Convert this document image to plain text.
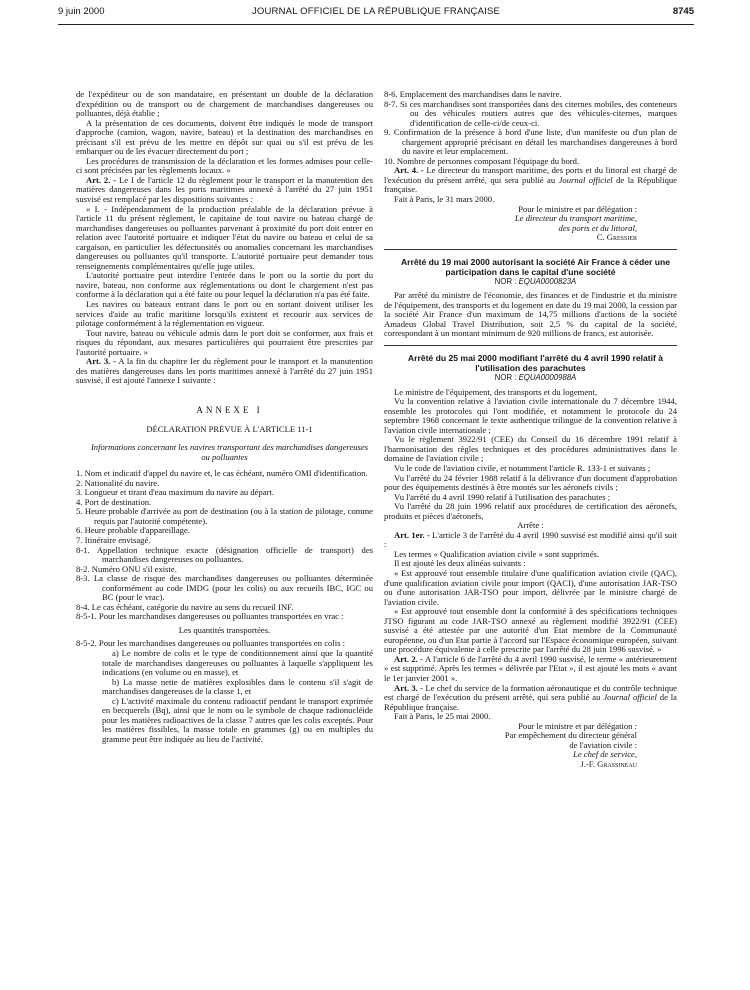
9 juin 2000	JOURNAL OFFICIEL DE LA RÉPUBLIQUE FRANÇAISE	8745

de l'expéditeur ou de son mandataire, en présentant un double de la déclaration d'expédition ou de transport ou de chargement de marchandises dangereuses ou polluantes, déjà établie ;

A la présentation de ces documents, doivent être indiqués le mode de transport d'approche (camion, wagon, navire, bateau) et la destination des marchandises en précisant s'il est prévu de les mettre en dépôt sur quai ou s'il est prévu de les embarquer ou de les évacuer directement du port ;

Les procédures de transmission de la déclaration et les formes admises pour celle-ci sont précisées par les règlements locaux. »

Art. 2. - Le I de l'article 12 du règlement pour le transport et la manutention des matières dangereuses dans les ports maritimes annexé à l'arrêté du 27 juin 1951 susvisé est remplacé par les dispositions suivantes :

« I. - Indépendamment de la production préalable de la déclaration prévue à l'article 11 du présent règlement, le capitaine de tout navire ou bateau chargé de marchandises dangereuses ou polluantes parvenant à proximité du port doit entrer en relation avec l'autorité portuaire et indiquer l'état du navire ou bateau et celui de sa cargaison, en particulier les défectuosités ou anomalies concernant les marchandises dangereuses ou polluantes qu'il transporte. L'autorité portuaire peut demander tous renseignements complémentaires qu'elle juge utiles.

L'autorité portuaire peut interdire l'entrée dans le port ou la sortie du port du navire, bateau, non conforme aux réglementations ou dont le chargement n'est pas conforme à la déclaration qui a été faite ou pour lequel la déclaration n'a pas été faite.

Les navires ou bateaux entrant dans le port ou en sortant doivent utiliser les services d'aide au trafic maritime lorsqu'ils existent et recourir aux services de pilotage conformément à la réglementation en vigueur.

Tout navire, bateau ou véhicule admis dans le port doit se conformer, aux frais et risques du répondant, aux mesures particulières qui pourraient être prescrites par l'autorité portuaire. »

Art. 3. - A la fin du chapitre Ier du règlement pour le transport et la manutention des matières dangereuses dans les ports maritimes annexé à l'arrêté du 27 juin 1951 susvisé, il est ajouté l'annexe I suivante :

ANNEXE I

DÉCLARATION PRÉVUE À L'ARTICLE 11-1

Informations concernant les navires transportant des marchandises dangereuses ou polluantes

1. Nom et indicatif d'appel du navire et, le cas échéant, numéro OMI d'identification.

2. Nationalité du navire.

3. Longueur et tirant d'eau maximum du navire au départ.

4. Port de destination.

5. Heure probable d'arrivée au port de destination (ou à la station de pilotage, comme requis par l'autorité compétente).

6. Heure probable d'appareillage.

7. Itinéraire envisagé.

8-1. Appellation technique exacte (désignation officielle de transport) des marchandises dangereuses ou polluantes.

8-2. Numéro ONU s'il existe.

8-3. La classe de risque des marchandises dangereuses ou polluantes déterminée conformément au code IMDG (pour les colis) ou aux recueils IBC, IGC ou BC (pour le vrac).

8-4. Le cas échéant, catégorie du navire au sens du recueil INF.

8-5-1. Pour les marchandises dangereuses ou polluantes transportées en vrac :

Les quantités transportées.

8-5-2. Pour les marchandises dangereuses ou polluantes transportées en colis :

a) Le nombre de colis et le type de conditionnement ainsi que la quantité totale de marchandises dangereuses ou polluantes à laquelle s'appliquent les indications (en volume ou en masse), et

b) La masse nette de matières explosibles dans le contenu s'il s'agit de marchandises dangereuses de la classe 1, et

c) L'activité maximale du contenu radioactif pendant le transport exprimée en becquerels (Bq), ainsi que le nom ou le symbole de chaque radionucléide pour les matières radioactives de la classe 7 autres que les colis exceptés. Pour les matières fissibles, la masse totale en grammes (g) ou en multiples du gramme peut être indiquée au lieu de l'activité.

8-6. Emplacement des marchandises dans le navire.

8-7. Si ces marchandises sont transportées dans des citernes mobiles, des conteneurs ou des véhicules routiers autres que des véhicules-citernes, marques d'identification de celle-ci/de ceux-ci.

9. Confirmation de la présence à bord d'une liste, d'un manifeste ou d'un plan de chargement approprié précisant en détail les marchandises dangereuses à bord du navire et leur emplacement.

10. Nombre de personnes composant l'équipage du bord.

Art. 4. - Le directeur du transport maritime, des ports et du littoral est chargé de l'exécution du présent arrêté, qui sera publié au Journal officiel de la République française.

Fait à Paris, le 31 mars 2000.

Pour le ministre et par délégation :

Le directeur du transport maritime,

des ports et du littoral,

C. Gressier

Arrêté du 19 mai 2000 autorisant la société Air France à céder une participation dans le capital d'une société

NOR : EQUA0000823A

Par arrêté du ministre de l'économie, des finances et de l'industrie et du ministre de l'équipement, des transports et du logement en date du 19 mai 2000, la cession par la société Air France d'un maximum de 14,75 millions d'actions de la société Amadeus Global Travel Distribution, soit 2,5 % du capital de la société, correspondant à un montant minimum de 920 millions de francs, est autorisée.

Arrêté du 25 mai 2000 modifiant l'arrêté du 4 avril 1990 relatif à l'utilisation des parachutes

NOR : EQUA0000988A

Le ministre de l'équipement, des transports et du logement,

Vu la convention relative à l'aviation civile internationale du 7 décembre 1944, ensemble les protocoles qui l'ont modifiée, et notamment le protocole du 24 septembre 1968 concernant le texte authentique trilingue de la convention relative à l'aviation civile internationale ;

Vu le règlement 3922/91 (CEE) du Conseil du 16 décembre 1991 relatif à l'harmonisation des règles techniques et des procédures administratives dans le domaine de l'aviation civile ;

Vu le code de l'aviation civile, et notamment l'article R. 133-1 et suivants ;

Vu l'arrêté du 24 février 1988 relatif à la délivrance d'un document d'approbation pour des équipements destinés à être montés sur les aéronefs civils ;

Vu l'arrêté du 4 avril 1990 relatif à l'utilisation des parachutes ;

Vu l'arrêté du 28 juin 1996 relatif aux procédures de certification des aéronefs, produits et pièces d'aéronefs,

Arrête :

Art. 1er. - L'article 3 de l'arrêté du 4 avril 1990 susvisé est modifié ainsi qu'il suit :

Les termes « Qualification aviation civile » sont supprimés.

Il est ajouté les deux alinéas suivants :

« Est approuvé tout ensemble titulaire d'une qualification aviation civile (QAC), d'une qualification aviation civile pour import (QACI), d'une autorisation JAR-TSO ou d'une autorisation JAR-TSO pour import, délivrée par le ministre chargé de l'aviation civile.

« Est approuvé tout ensemble dont la conformité à des spécifications techniques JTSO figurant au code JAR-TSO annexé au règlement modifié 3922/91 (CEE) susvisé a été attestée par une autorité d'un Etat membre de la Communauté européenne, ou d'un Etat partie à l'accord sur l'Espace économique européen, suivant une procédure équivalente à celle prescrite par l'arrêté du 28 juin 1996 susvisé. »

Art. 2. - A l'article 6 de l'arrêté du 4 avril 1990 susvisé, le terme « antérieurement » est supprimé. Après les termes « délivrée par l'Etat », il est ajouté les mots « avant le 1er janvier 2001 ».

Art. 3. - Le chef du service de la formation aéronautique et du contrôle technique est chargé de l'exécution du présent arrêté, qui sera publié au Journal officiel de la République française.

Fait à Paris, le 25 mai 2000.

Pour le ministre et par délégation :

Par empêchement du directeur général

de l'aviation civile :

Le chef de service,

J.-F. Grassineau
